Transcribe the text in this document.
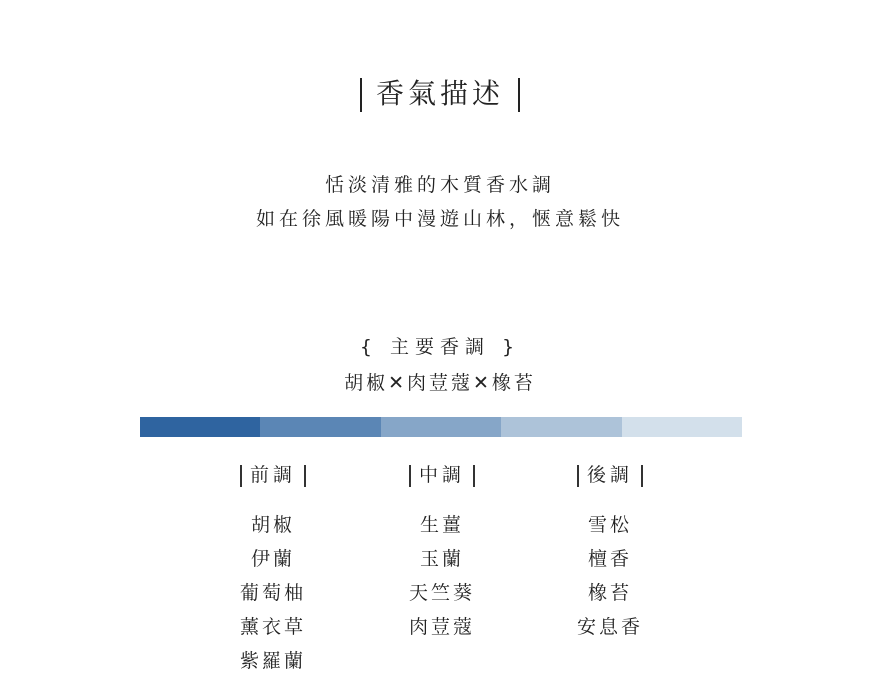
香氣描述
恬淡清雅的木質香水調
如在徐風暖陽中漫遊山林，愜意鬆快
{ 主要香調 }
胡椒✕肉荳蔻✕橡苔
前調
胡椒
伊蘭
葡萄柚
薰衣草
紫羅蘭
中調
生薑
玉蘭
天竺葵
肉荳蔻
後調
雪松
檀香
橡苔
安息香
